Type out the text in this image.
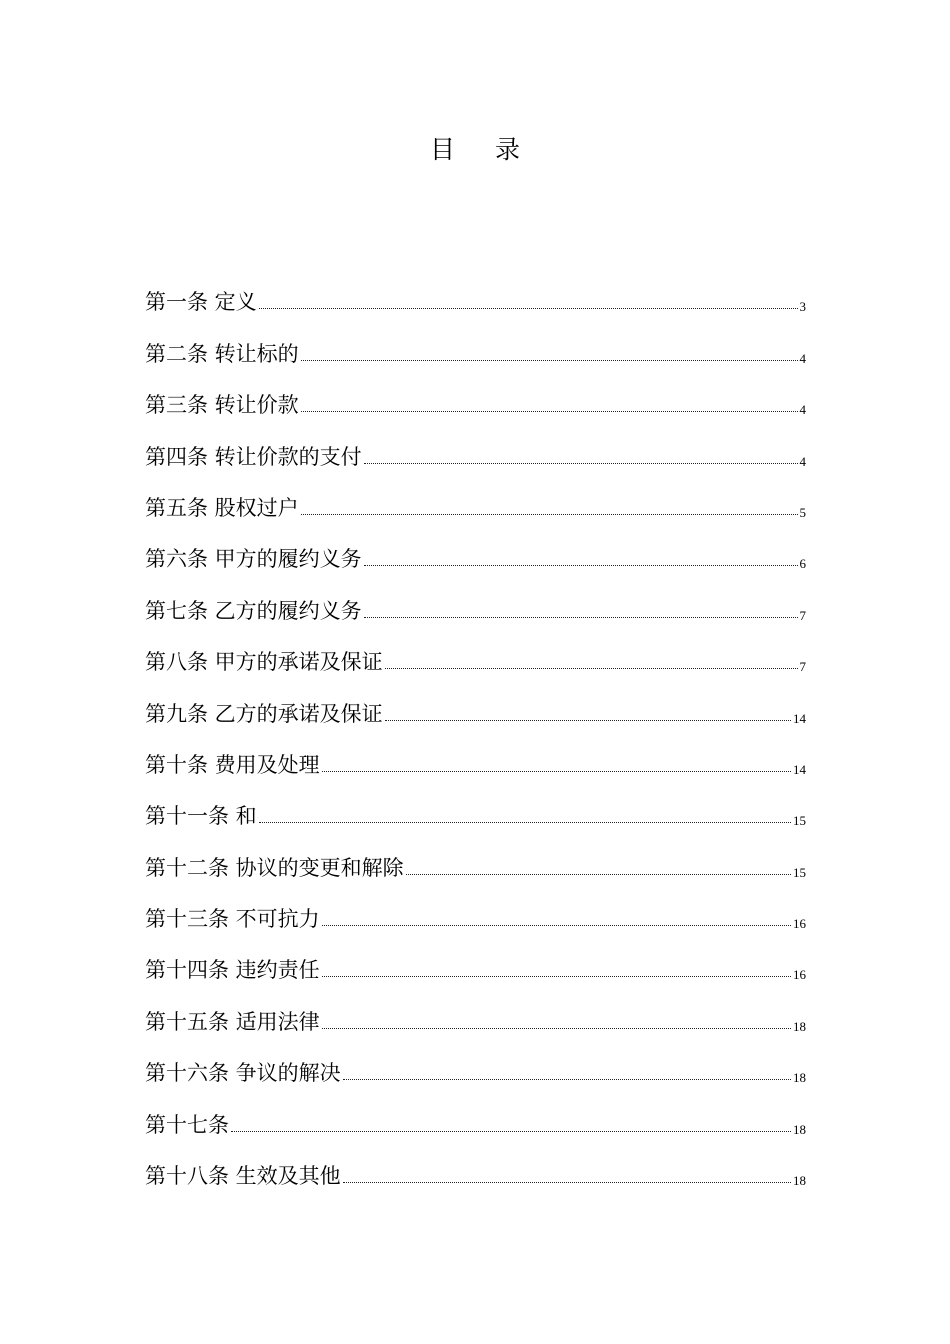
目 录
第一条 定义	3
第二条 转让标的	4
第三条 转让价款	4
第四条 转让价款的支付	4
第五条 股权过户	5
第六条 甲方的履约义务	6
第七条 乙方的履约义务	7
第八条 甲方的承诺及保证	7
第九条 乙方的承诺及保证	14
第十条 费用及处理	14
第十一条 和	15
第十二条 协议的变更和解除	15
第十三条 不可抗力	16
第十四条 违约责任	16
第十五条 适用法律	18
第十六条 争议的解决	18
第十七条	18
第十八条 生效及其他	18
